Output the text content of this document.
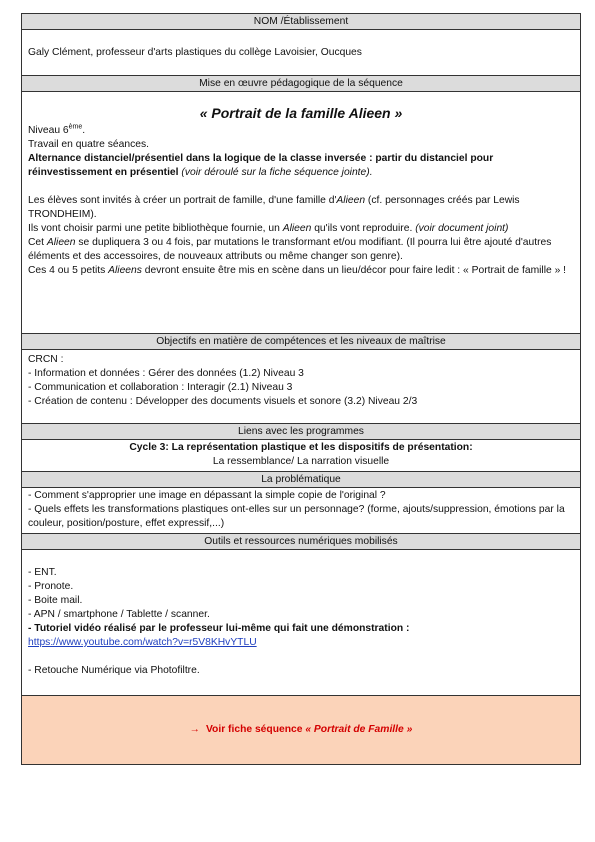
NOM /Établissement
Galy Clément, professeur d'arts plastiques du collège Lavoisier, Oucques
Mise en œuvre pédagogique de la séquence
« Portrait de la famille Alieen »
Niveau 6ème.
Travail en quatre séances.
Alternance distanciel/présentiel dans la logique de la classe inversée : partir du distanciel pour réinvestissement en présentiel (voir déroulé sur la fiche séquence jointe).

Les élèves sont invités à créer un portrait de famille, d'une famille d'Alieen (cf. personnages créés par Lewis TRONDHEIM).
Ils vont choisir parmi une petite bibliothèque fournie, un Alieen qu'ils vont reproduire. (voir document joint)
Cet Alieen se dupliquera 3 ou 4 fois, par mutations le transformant et/ou modifiant. (Il pourra lui être ajouté d'autres éléments et des accessoires, de nouveaux attributs ou même changer son genre).
Ces 4 ou 5 petits Alieens devront ensuite être mis en scène dans un lieu/décor pour faire ledit : « Portrait de famille » !
Objectifs en matière de compétences et les niveaux de maîtrise
CRCN :
- Information et données : Gérer des données (1.2) Niveau 3
- Communication et collaboration : Interagir (2.1) Niveau 3
- Création de contenu : Développer des documents visuels et sonore (3.2) Niveau 2/3
Liens avec les programmes
Cycle 3: La représentation plastique et les dispositifs de présentation:
La ressemblance/ La narration visuelle
La problématique
- Comment s'approprier une image en dépassant la simple copie de l'original ?
- Quels effets les transformations plastiques ont-elles sur un personnage? (forme, ajouts/suppression, émotions par la couleur, position/posture, effet expressif,...)
Outils et ressources numériques mobilisés
- ENT.
- Pronote.
- Boite mail.
- APN / smartphone / Tablette / scanner.
- Tutoriel vidéo réalisé par le professeur lui-même qui fait une démonstration :
https://www.youtube.com/watch?v=r5V8KHvYTLU

- Retouche Numérique via Photofiltre.
→ Voir fiche séquence « Portrait de Famille »
